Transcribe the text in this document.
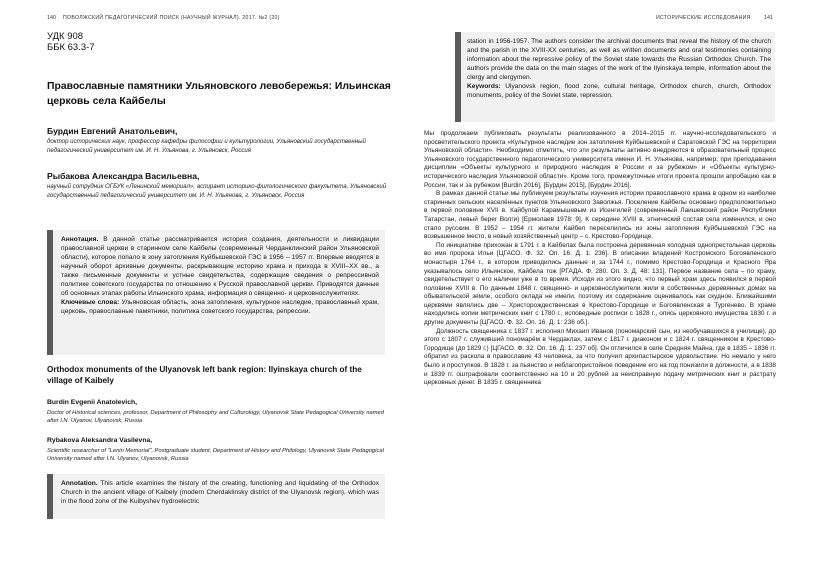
140 ПОВОЛЖСКИЙ ПЕДАГОГИЧЕСКИЙ ПОИСК (НАУЧНЫЙ ЖУРНАЛ). 2017. №2 (20)
УДК 908
ББК 63.3-7
Православные памятники Ульяновского левобережья: Ильинская церковь села Кайбелы
Бурдин Евгений Анатольевич,
доктор исторических наук, профессор кафедры философии и культурологии, Ульяновский государственный педагогический университет им. И. Н. Ульянова, г. Ульяновск, Россия
Рыбакова Александра Васильевна,
научный сотрудник ОГБУК «Ленинский мемориал», аспирант историко-филологического факультета, Ульяновский государственный педагогический университет им. И. Н. Ульянова, г. Ульяновск, Россия
Аннотация. В данной статье рассматривается история создания, деятельности и ликвидации православной церкви в старинном селе Кайбелы (современный Черданклинский район Ульяновской области), которое попало в зону затопления Куйбышевской ГЭС в 1956 – 1957 гг. Впервые вводятся в научный оборот архивные документы, раскрывающие историю храма и прихода в XVIII–XX вв., а также письменные документы и устные свидетельства, содержащие сведения о репрессивной политике советского государства по отношению к Русской православной церкви. Приводятся данные об основных этапах работы Ильинского храма, информация о священно- и церковнослужителях.
Ключевые слова: Ульяновская область, зона затопления, культурное наследие, православный храм, церковь, православные памятники, политика советского государства, репрессии.
Orthodox monuments of the Ulyanovsk left bank region: Ilyinskaya church of the village of Kaibely
Burdin Evgenii Anatolevich,
Doctor of Historical sciences, professor, Department of Philosophy and Culturology, Ulyanovsk State Pedagogical University named after I.N. Ulyanov, Ulyanovsk, Russia
Rybakova Aleksandra Vasilevna,
Scientific researcher of "Lenin Memorial", Postgraduate student, Department of History and Philology, Ulyanovsk State Pedagogical University named after I.N. Ulyanov, Ulyanovsk, Russia
Annotation. This article examines the history of the creating, functioning and liquidating of the Orthodox Church in the ancient village of Kaibely (modern Cherdaklinsky district of the Ulyanovsk region), which was in the flood zone of the Kuibyshev hydroelectric
ИСТОРИЧЕСКИЕ ИССЛЕДОВАНИЯ 141
station in 1956-1957. The authors consider the archival documents that reveal the history of the church and the parish in the XVIII-XX centuries, as well as written documents and oral testimonies containing information about the repressive policy of the Soviet state towards the Russian Orthodox Church. The authors provide the data on the main stages of the work of the Ilyinskaya temple, information about the clergy and clergymen.
Keywords: Ulyanovsk region, flood zone, cultural heritage, Orthodox church, church, Orthodox monuments, policy of the Soviet state, repression.

Мы продолжаем публиковать результаты реализованного в 2014–2015 гг. научно-исследовательского и просветительского проекта «Культурное наследие зон затопления Куйбышевской и Саратовской ГЭС на территории Ульяновской области». Необходимо отметить, что эти результаты активно внедряются в образовательный процесс Ульяновского государственного педагогического университета имени И. Н. Ульянова, например, при преподавании дисциплин «Объекты культурного и природного наследия в России и за рубежом» и «Объекты культурно-исторического наследия Ульяновской области». Кроме того, промежуточные итоги проекта прошли апробацию как в России, так и за рубежом [Burdin 2016], [Бурдин 2015], [Бурдин 2016].

В рамках данной статьи мы публикуем результаты изучения истории православного храма в одном из наиболее старинных сельских населённых пунктов Ульяновского Заволжья. Поселение Кайбелы основано предположительно в первой половине XVII в. Кайбулой Карамышевым из Исенгилей (современный Лаишевский район Республики Татарстан, левый берег Волги) [Ермолаев 1978: 9]. К середине XVIII в. этнический состав села изменился, и оно стало русским. В 1952 – 1954 гг. жители Кайбел переселились из зоны затопления Куйбышевской ГЭС на возвышенное место, в новый хозяйственный центр – с. Крестово-Городище.

По инициативе прихожан в 1791 г. в Кайбелах была построена деревянная холодная однопрестольная церковь во имя пророка Ильи [ЦГАСО. Ф. 32. Оп. 16. Д. 1: 236]. В описании владений Костромского Богоявленского монастыря 1764 г., в котором приводились данные и за 1744 г., помимо Крестово-Городища и Красного Яра указывалось село Ильинское, Кайбела тож [РГАДА. Ф. 280. Оп. 3. Д. 48: 131]. Первое название села – по храму, свидетельствует о его наличии уже в то время. Исходя из этого видно, что первый храм здесь появился в первой половине XVIII в. По данным 1848 г. священно- и церковнослужители жили в собственных деревянных домах на обывательской земле, особого оклада не имели, поэтому их содержание оценивалось как скудное. Ближайшими церквями являлись две – Христорождественская в Крестово-Городище и Богоявленская в Тургенево. В храме находились копии метрических книг с 1780 г., исповедные росписи с 1828 г., опись церковного имущества 1830 г. и другие документы [ЦГАСО. Ф. 32. Оп. 16. Д. 1: 236 об.].

Должность священника с 1837 г. исполнял Михаил Иванов (пономарский сын, из необучавшихся в училище), до этого с 1807 г. служивший пономарём в Чердаклах, затем с 1817 г. диаконом и с 1824 г. священником в Крестово-Городище (до 1829 г.) [ЦГАСО. Ф. 32. Оп. 16. Д. 1: 237 об]. Он отличился в селе Средняя Майна, где в 1835 – 1836 гг. обратил из раскола в православие 43 человека, за что получил архипастырское удовольствие. Но немало у него было и проступков. В 1828 г. за пьянство и неблагопристойное поведение его на год понизили в должности, а в 1838 и 1839 гг. оштрафовали соответственно на 10 и 20 рублей за неисправную подачу метрических книг и растрату церковных денег. В 1835 г. священника
